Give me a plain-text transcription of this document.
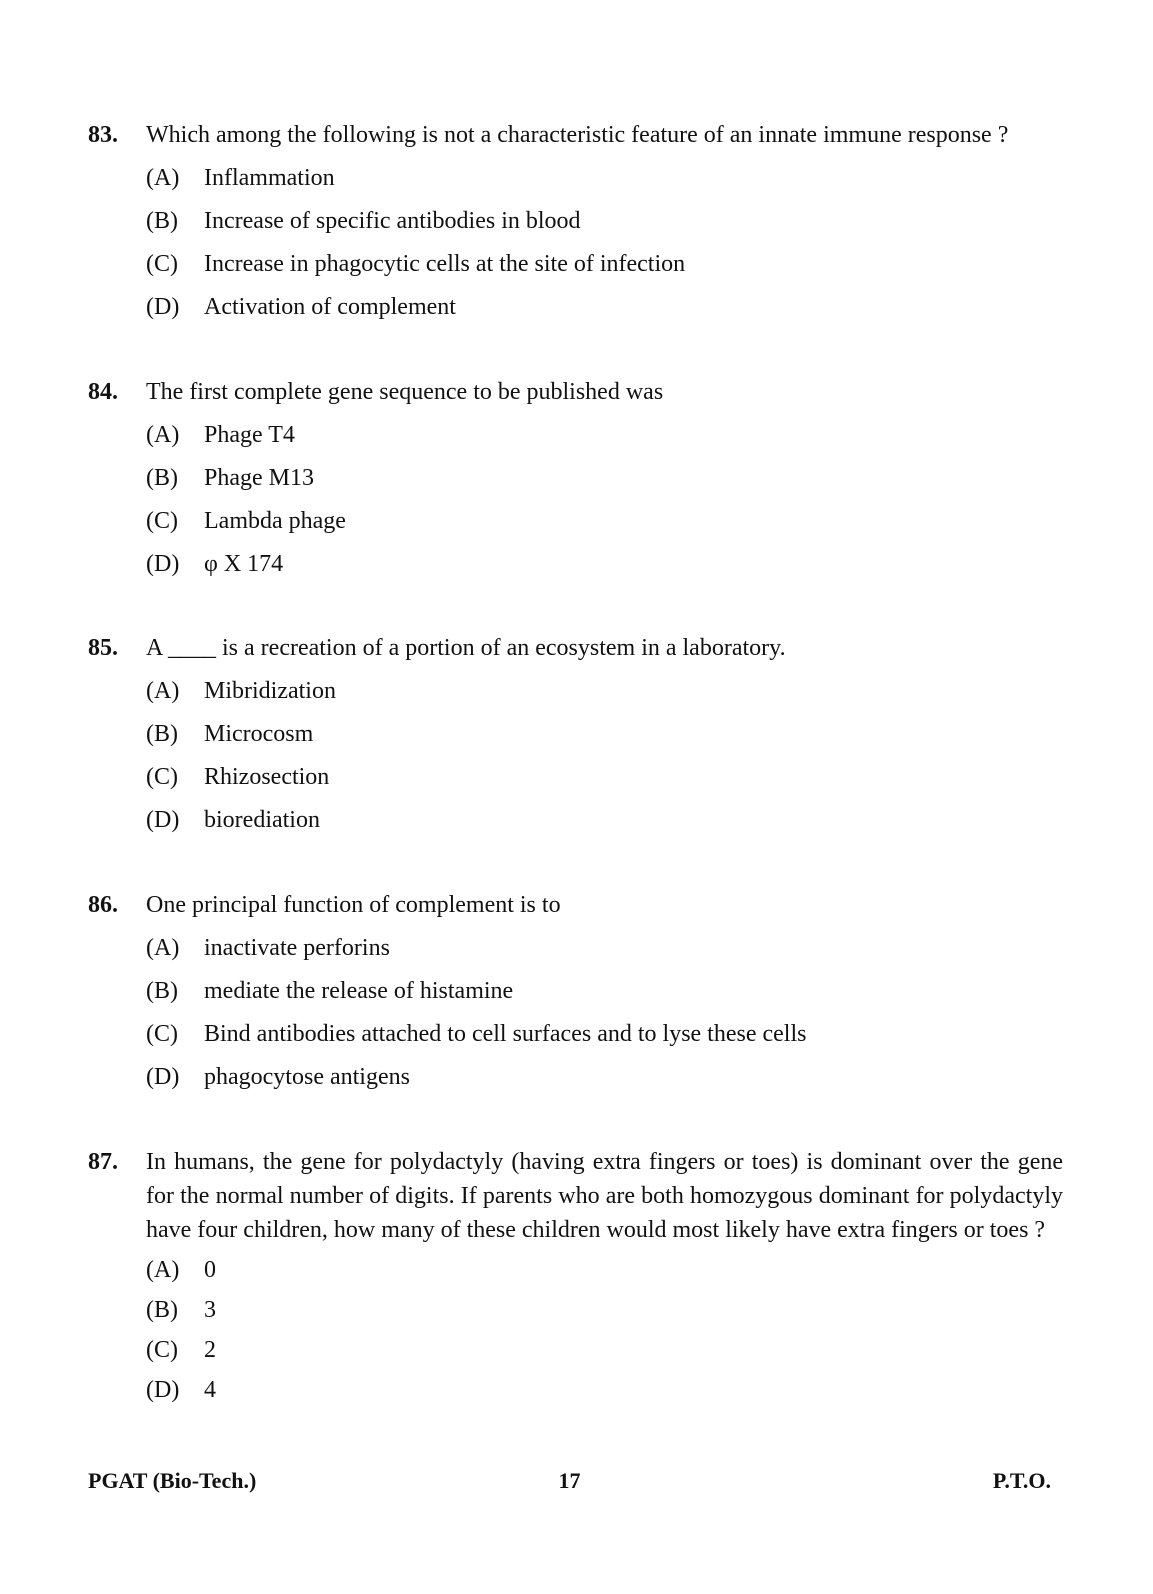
83.	Which among the following is not a characteristic feature of an innate immune response ?
(A)	Inflammation
(B)	Increase of specific antibodies in blood
(C)	Increase in phagocytic cells at the site of infection
(D)	Activation of complement
84.	The first complete gene sequence to be published was
(A)	Phage T4
(B)	Phage M13
(C)	Lambda phage
(D)	φ X 174
85.	A ____ is a recreation of a portion of an ecosystem in a laboratory.
(A)	Mibridization
(B)	Microcosm
(C)	Rhizosection
(D)	biorediation
86.	One principal function of complement is to
(A)	inactivate perforins
(B)	mediate the release of histamine
(C)	Bind antibodies attached to cell surfaces and to lyse these cells
(D)	phagocytose antigens
87.	In humans, the gene for polydactyly (having extra fingers or toes) is dominant over the gene for the normal number of digits. If parents who are both homozygous dominant for polydactyly have four children, how many of these children would most likely have extra fingers or toes ?
(A)	0
(B)	3
(C)	2
(D)	4
PGAT (Bio-Tech.)	17	P.T.O.
